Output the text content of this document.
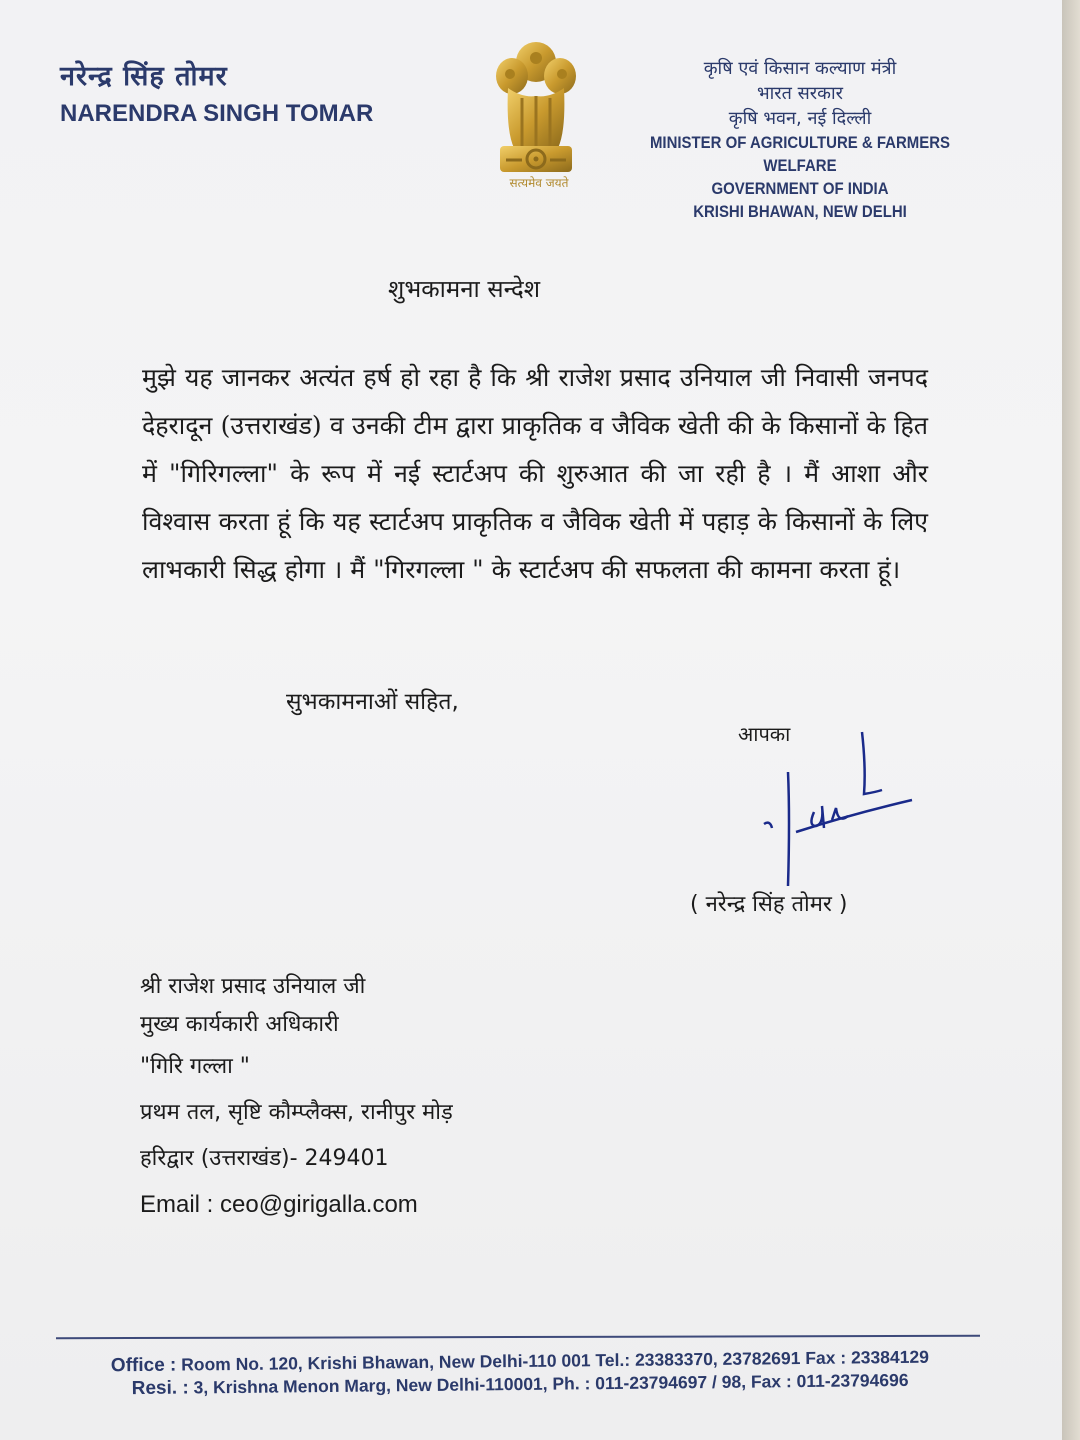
नरेन्द्र सिंह तोमर
NARENDRA SINGH TOMAR
सत्यमेव जयते
कृषि एवं किसान कल्याण मंत्री
भारत सरकार
कृषि भवन, नई दिल्ली
MINISTER OF AGRICULTURE & FARMERS WELFARE
GOVERNMENT OF INDIA
KRISHI BHAWAN, NEW DELHI
शुभकामना सन्देश
मुझे यह जानकर अत्यंत हर्ष हो रहा है कि श्री राजेश प्रसाद उनियाल जी निवासी जनपद देहरादून (उत्तराखंड) व उनकी टीम द्वारा प्राकृतिक व जैविक खेती की के किसानों के हित में "गिरिगल्ला" के रूप में नई स्टार्टअप की शुरुआत की जा रही है । मैं आशा और विश्वास करता हूं कि यह स्टार्टअप प्राकृतिक व जैविक खेती में पहाड़ के किसानों के लिए लाभकारी सिद्ध होगा । मैं "गिरगल्ला " के स्टार्टअप की सफलता की कामना करता हूं।
सुभकामनाओं सहित,
आपका
( नरेन्द्र सिंह तोमर )
श्री राजेश प्रसाद उनियाल जी
मुख्य कार्यकारी अधिकारी
"गिरि गल्ला "
प्रथम तल, सृष्टि कौम्प्लैक्स, रानीपुर मोड़
हरिद्वार (उत्तराखंड)- 249401
Email : ceo@girigalla.com
Office : Room No. 120, Krishi Bhawan, New Delhi-110 001 Tel.: 23383370, 23782691 Fax : 23384129
Resi. : 3, Krishna Menon Marg, New Delhi-110001, Ph. : 011-23794697 / 98, Fax : 011-23794696
